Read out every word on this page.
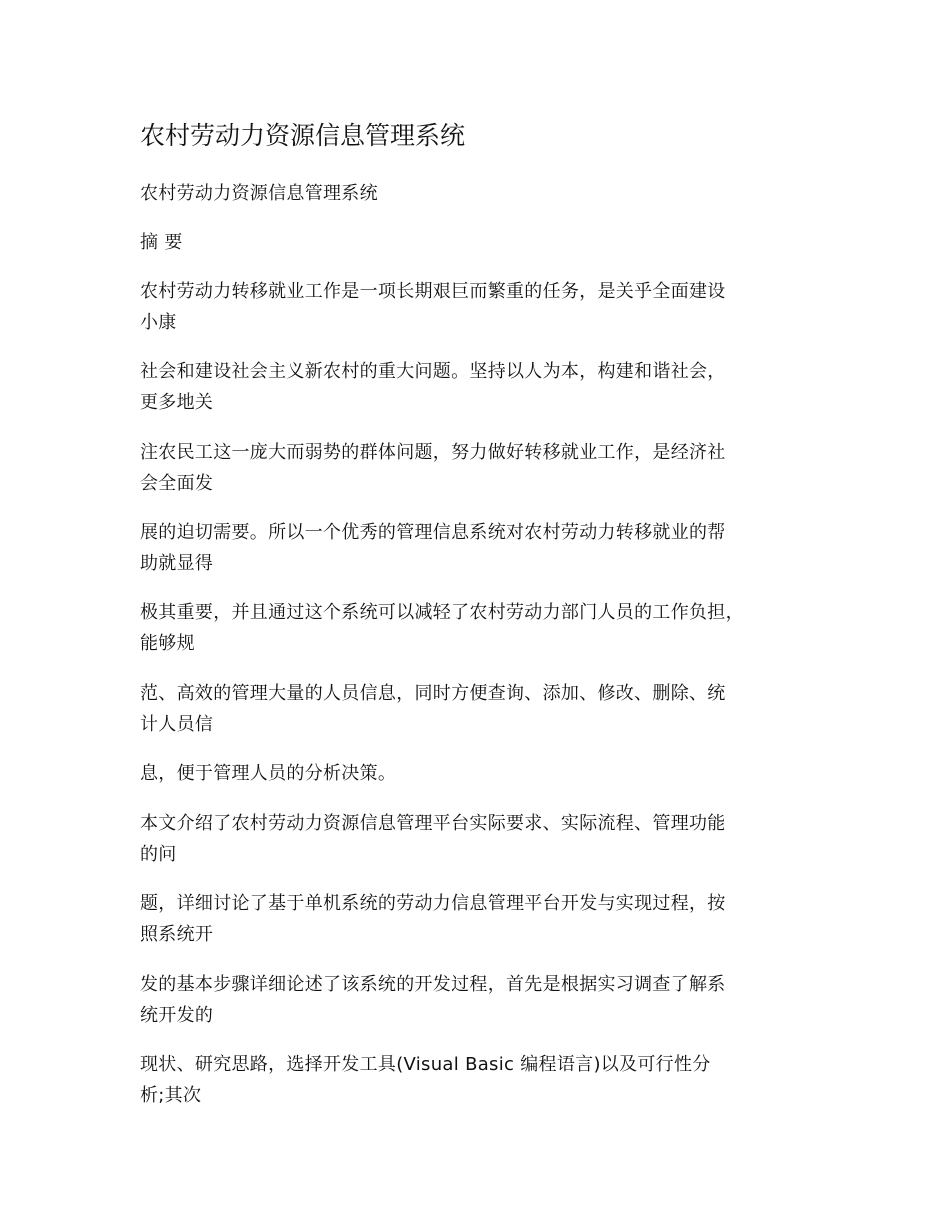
农村劳动力资源信息管理系统

农村劳动力资源信息管理系统

摘 要

农村劳动力转移就业工作是一项长期艰巨而繁重的任务，是关乎全面建设
小康

社会和建设社会主义新农村的重大问题。坚持以人为本，构建和谐社会，
更多地关

注农民工这一庞大而弱势的群体问题，努力做好转移就业工作，是经济社
会全面发

展的迫切需要。所以一个优秀的管理信息系统对农村劳动力转移就业的帮
助就显得

极其重要，并且通过这个系统可以减轻了农村劳动力部门人员的工作负担，
能够规

范、高效的管理大量的人员信息，同时方便查询、添加、修改、删除、统
计人员信

息，便于管理人员的分析决策。

本文介绍了农村劳动力资源信息管理平台实际要求、实际流程、管理功能
的问

题，详细讨论了基于单机系统的劳动力信息管理平台开发与实现过程，按
照系统开

发的基本步骤详细论述了该系统的开发过程，首先是根据实习调查了解系
统开发的

现状、研究思路，选择开发工具(Visual Basic 编程语言)以及可行性分
析;其次
